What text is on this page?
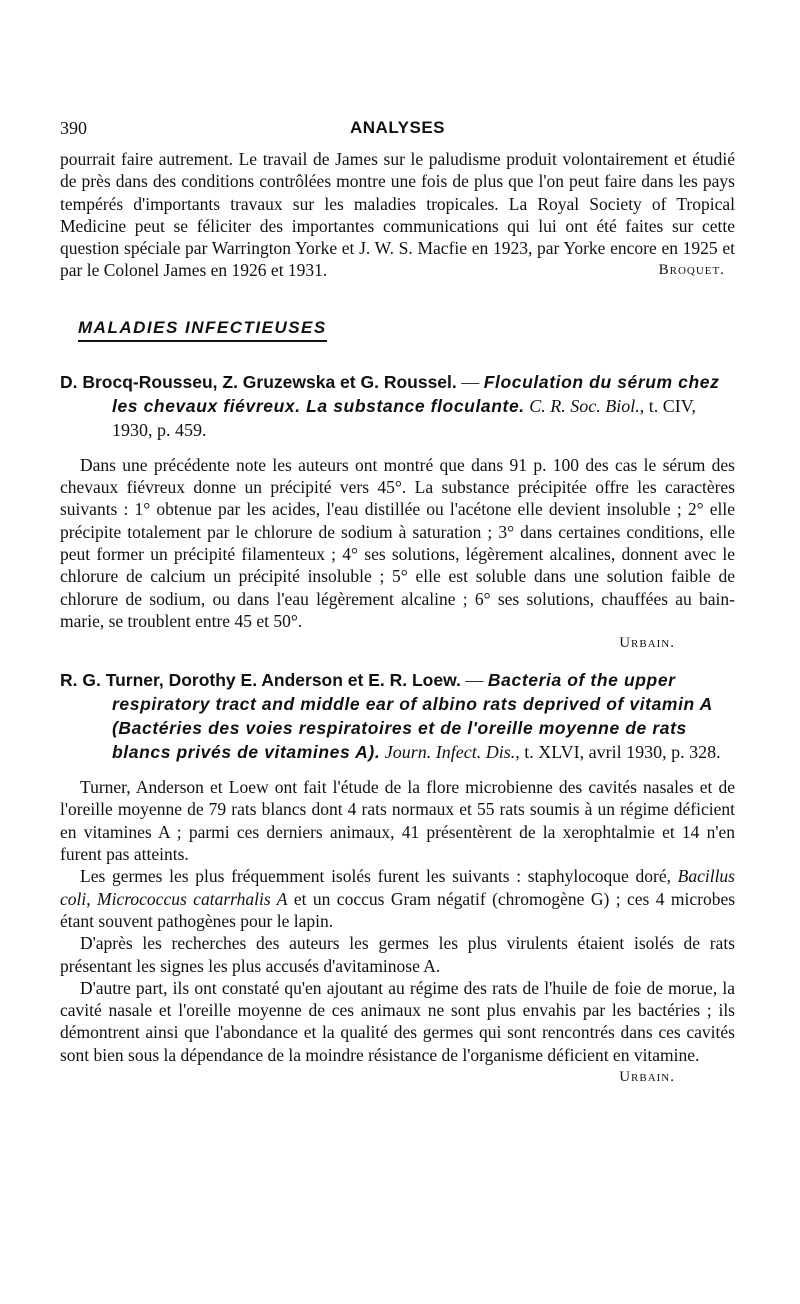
390	ANALYSES

pourrait faire autrement. Le travail de James sur le paludisme produit volontairement et étudié de près dans des conditions contrôlées montre une fois de plus que l'on peut faire dans les pays tempérés d'importants travaux sur les maladies tropicales. La Royal Society of Tropical Medicine peut se féliciter des importantes communications qui lui ont été faites sur cette question spéciale par Warrington Yorke et J. W. S. Macfie en 1923, par Yorke encore en 1925 et par le Colonel James en 1926 et 1931.	Broquet.

MALADIES INFECTIEUSES
D. Brocq-Rousseu, Z. Gruzewska et G. Roussel. — Floculation du sérum chez les chevaux fiévreux. La substance floculante. C. R. Soc. Biol., t. CIV, 1930, p. 459.

Dans une précédente note les auteurs ont montré que dans 91 p. 100 des cas le sérum des chevaux fiévreux donne un précipité vers 45°. La substance précipitée offre les caractères suivants : 1° obtenue par les acides, l'eau distillée ou l'acétone elle devient insoluble ; 2° elle précipite totalement par le chlorure de sodium à saturation ; 3° dans certaines conditions, elle peut former un précipité filamenteux ; 4° ses solutions, légèrement alcalines, donnent avec le chlorure de calcium un précipité insoluble ; 5° elle est soluble dans une solution faible de chlorure de sodium, ou dans l'eau légèrement alcaline ; 6° ses solutions, chauffées au bain-marie, se troublent entre 45 et 50°.

Urbain.
R. G. Turner, Dorothy E. Anderson et E. R. Loew. — Bacteria of the upper respiratory tract and middle ear of albino rats deprived of vitamin A (Bactéries des voies respiratoires et de l'oreille moyenne de rats blancs privés de vitamines A). Journ. Infect. Dis., t. XLVI, avril 1930, p. 328.

Turner, Anderson et Loew ont fait l'étude de la flore microbienne des cavités nasales et de l'oreille moyenne de 79 rats blancs dont 4 rats normaux et 55 rats soumis à un régime déficient en vitamines A ; parmi ces derniers animaux, 41 présentèrent de la xerophtalmie et 14 n'en furent pas atteints.

Les germes les plus fréquemment isolés furent les suivants : staphylocoque doré, Bacillus coli, Micrococcus catarrhalis A et un coccus Gram négatif (chromogène G) ; ces 4 microbes étant souvent pathogènes pour le lapin.

D'après les recherches des auteurs les germes les plus virulents étaient isolés de rats présentant les signes les plus accusés d'avitaminose A.

D'autre part, ils ont constaté qu'en ajoutant au régime des rats de l'huile de foie de morue, la cavité nasale et l'oreille moyenne de ces animaux ne sont plus envahis par les bactéries ; ils démontrent ainsi que l'abondance et la qualité des germes qui sont rencontrés dans ces cavités sont bien sous la dépendance de la moindre résistance de l'organisme déficient en vitamine.

Urbain.
